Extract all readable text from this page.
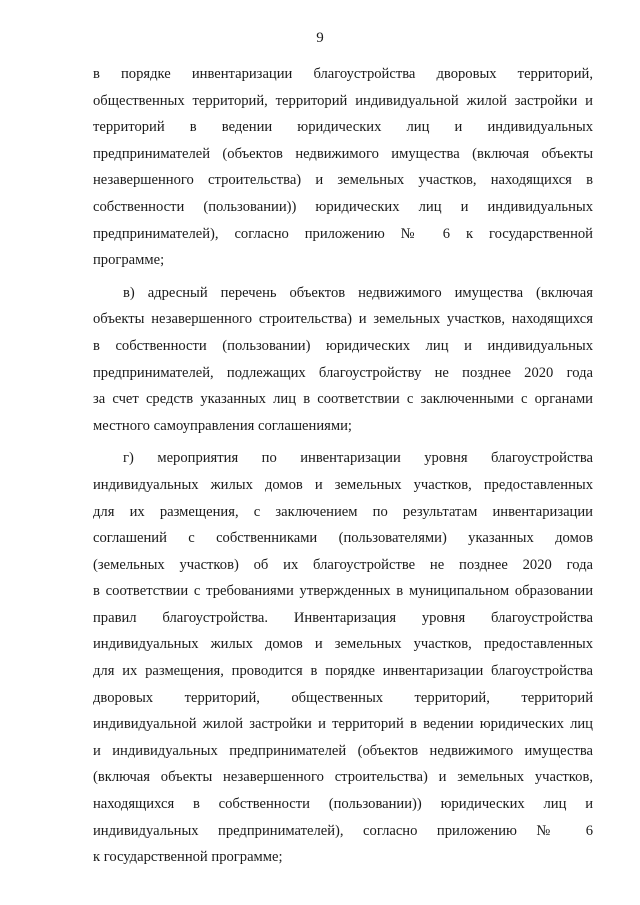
9
в порядке инвентаризации благоустройства дворовых территорий,
общественных территорий, территорий индивидуальной жилой застройки и
территорий в ведении юридических лиц и индивидуальных
предпринимателей (объектов недвижимого имущества (включая объекты
незавершенного строительства) и земельных участков, находящихся в
собственности (пользовании)) юридических лиц и индивидуальных
предпринимателей), согласно приложению № 6 к государственной
программе;
в) адресный перечень объектов недвижимого имущества (включая
объекты незавершенного строительства) и земельных участков, находящихся
в собственности (пользовании) юридических лиц и индивидуальных
предпринимателей, подлежащих благоустройству не позднее 2020 года
за счет средств указанных лиц в соответствии с заключенными с органами
местного самоуправления соглашениями;
г) мероприятия по инвентаризации уровня благоустройства
индивидуальных жилых домов и земельных участков, предоставленных
для их размещения, с заключением по результатам инвентаризации
соглашений с собственниками (пользователями) указанных домов
(земельных участков) об их благоустройстве не позднее 2020 года
в соответствии с требованиями утвержденных в муниципальном образовании
правил благоустройства. Инвентаризация уровня благоустройства
индивидуальных жилых домов и земельных участков, предоставленных
для их размещения, проводится в порядке инвентаризации благоустройства
дворовых территорий, общественных территорий, территорий
индивидуальной жилой застройки и территорий в ведении юридических лиц
и индивидуальных предпринимателей (объектов недвижимого имущества
(включая объекты незавершенного строительства) и земельных участков,
находящихся в собственности (пользовании)) юридических лиц и
индивидуальных предпринимателей), согласно приложению № 6
к государственной программе;
